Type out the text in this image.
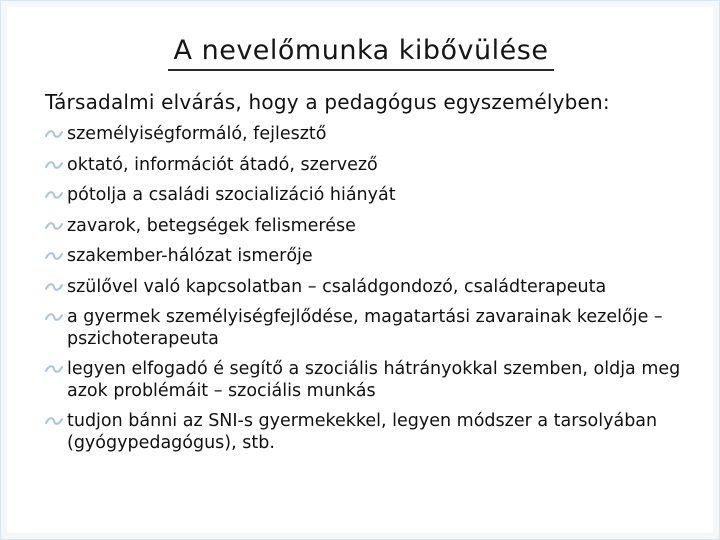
A nevelőmunka kibővülése
Társadalmi elvárás, hogy a pedagógus egyszemélyben:
személyiségformáló, fejlesztő
oktató, információt átadó, szervező
pótolja a családi szocializáció hiányát
zavarok, betegségek felismerése
szakember-hálózat ismerője
szülővel való kapcsolatban – családgondozó, családterapeuta
a gyermek személyiségfejlődése, magatartási zavarainak kezelője – pszichoterapeuta
legyen elfogadó é segítő a szociális hátrányokkal szemben, oldja meg azok problémáit – szociális munkás
tudjon bánni az SNI-s gyermekekkel, legyen módszer a tarsolyában (gyógypedagógus), stb.
